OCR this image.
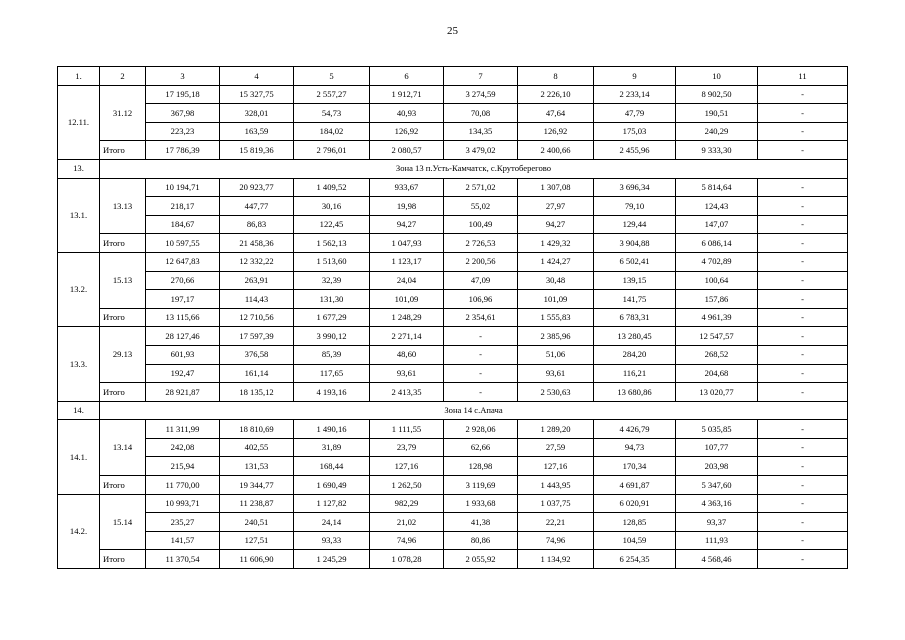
25
1.	2	3	4	5	6	7	8	9	10	11
12.11.	31.12	17 195,18	15 327,75	2 557,27	1 912,71	3 274,59	2 226,10	2 233,14	8 902,50	-
		367,98	328,01	54,73	40,93	70,08	47,64	47,79	190,51	-
		223,23	163,59	184,02	126,92	134,35	126,92	175,03	240,29	-
	Итого	17 786,39	15 819,36	2 796,01	2 080,57	3 479,02	2 400,66	2 455,96	9 333,30	-
13.	Зона 13 п.Усть-Камчатск, с.Крутоберегово									
13.1.	13.13	10 194,71	20 923,77	1 409,52	933,67	2 571,02	1 307,08	3 696,34	5 814,64	-
		218,17	447,77	30,16	19,98	55,02	27,97	79,10	124,43	-
		184,67	86,83	122,45	94,27	100,49	94,27	129,44	147,07	-
	Итого	10 597,55	21 458,36	1 562,13	1 047,93	2 726,53	1 429,32	3 904,88	6 086,14	-
13.2.	15.13	12 647,83	12 332,22	1 513,60	1 123,17	2 200,56	1 424,27	6 502,41	4 702,89	-
		270,66	263,91	32,39	24,04	47,09	30,48	139,15	100,64	-
		197,17	114,43	131,30	101,09	106,96	101,09	141,75	157,86	-
	Итого	13 115,66	12 710,56	1 677,29	1 248,29	2 354,61	1 555,83	6 783,31	4 961,39	-
13.3.	29.13	28 127,46	17 597,39	3 990,12	2 271,14	-	2 385,96	13 280,45	12 547,57	-
		601,93	376,58	85,39	48,60	-	51,06	284,20	268,52	-
		192,47	161,14	117,65	93,61	-	93,61	116,21	204,68	-
	Итого	28 921,87	18 135,12	4 193,16	2 413,35	-	2 530,63	13 680,86	13 020,77	-
14.	Зона 14 с.Апача									
14.1.	13.14	11 311,99	18 810,69	1 490,16	1 111,55	2 928,06	1 289,20	4 426,79	5 035,85	-
		242,08	402,55	31,89	23,79	62,66	27,59	94,73	107,77	-
		215,94	131,53	168,44	127,16	128,98	127,16	170,34	203,98	-
	Итого	11 770,00	19 344,77	1 690,49	1 262,50	3 119,69	1 443,95	4 691,87	5 347,60	-
14.2.	15.14	10 993,71	11 238,87	1 127,82	982,29	1 933,68	1 037,75	6 020,91	4 363,16	-
		235,27	240,51	24,14	21,02	41,38	22,21	128,85	93,37	-
		141,57	127,51	93,33	74,96	80,86	74,96	104,59	111,93	-
	Итого	11 370,54	11 606,90	1 245,29	1 078,28	2 055,92	1 134,92	6 254,35	4 568,46	-
